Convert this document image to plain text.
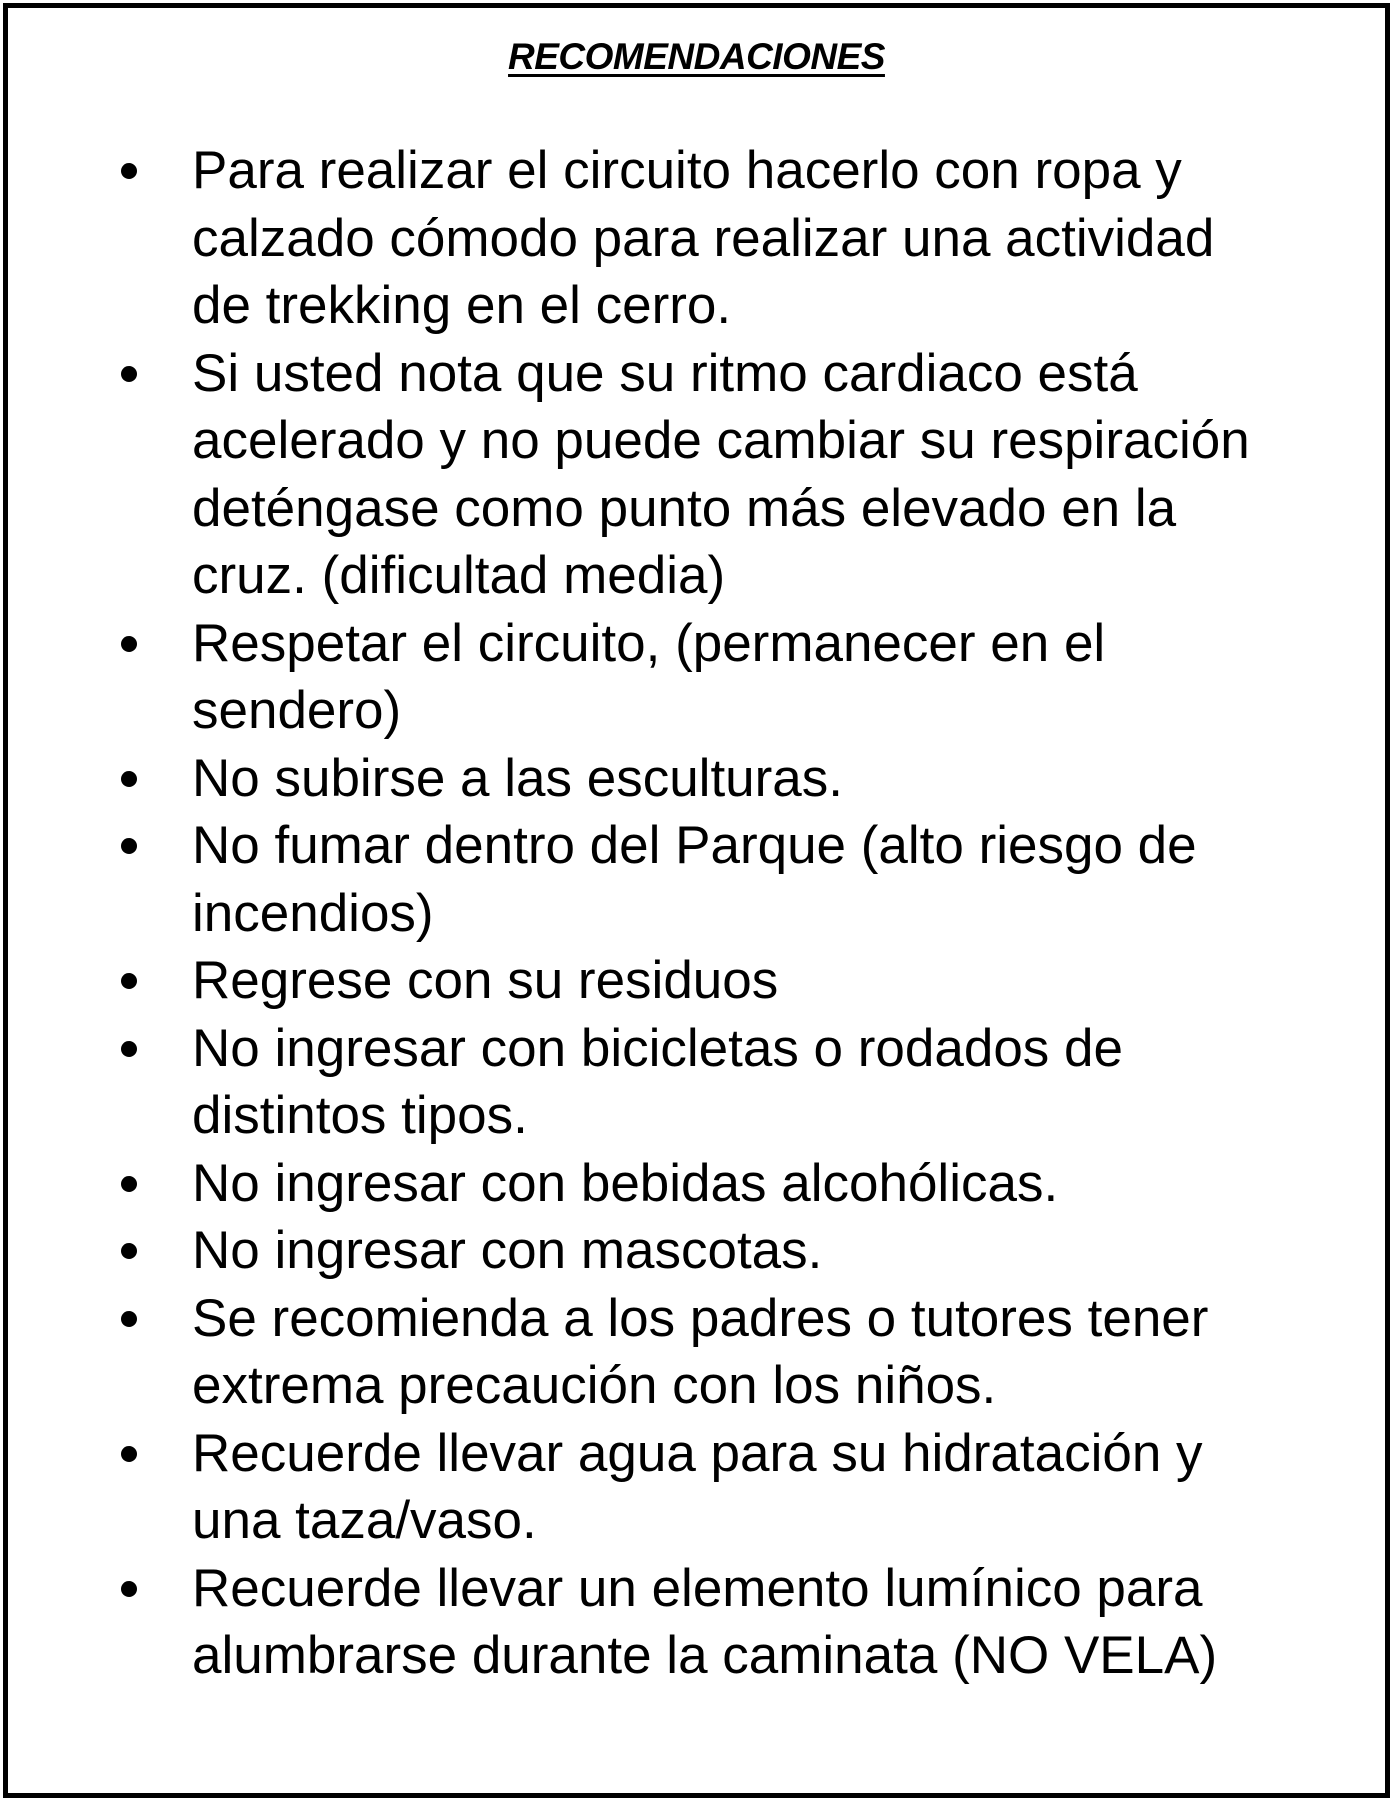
RECOMENDACIONES
Para realizar el circuito hacerlo con ropa y
calzado cómodo para realizar una actividad
de trekking en el cerro.
Si usted nota que su ritmo cardiaco está
acelerado y no puede cambiar su respiración
deténgase como punto más elevado en la
cruz. (dificultad media)
Respetar el circuito, (permanecer en el
sendero)
No subirse a las esculturas.
No fumar dentro del Parque (alto riesgo de
incendios)
Regrese con su residuos
No ingresar con bicicletas o rodados de
distintos tipos.
No ingresar con bebidas alcohólicas.
No ingresar con mascotas.
Se recomienda a los padres o tutores tener
extrema precaución con los niños.
Recuerde llevar agua para su hidratación y
una taza/vaso.
Recuerde llevar un elemento lumínico para
alumbrarse durante la caminata (NO VELA)
